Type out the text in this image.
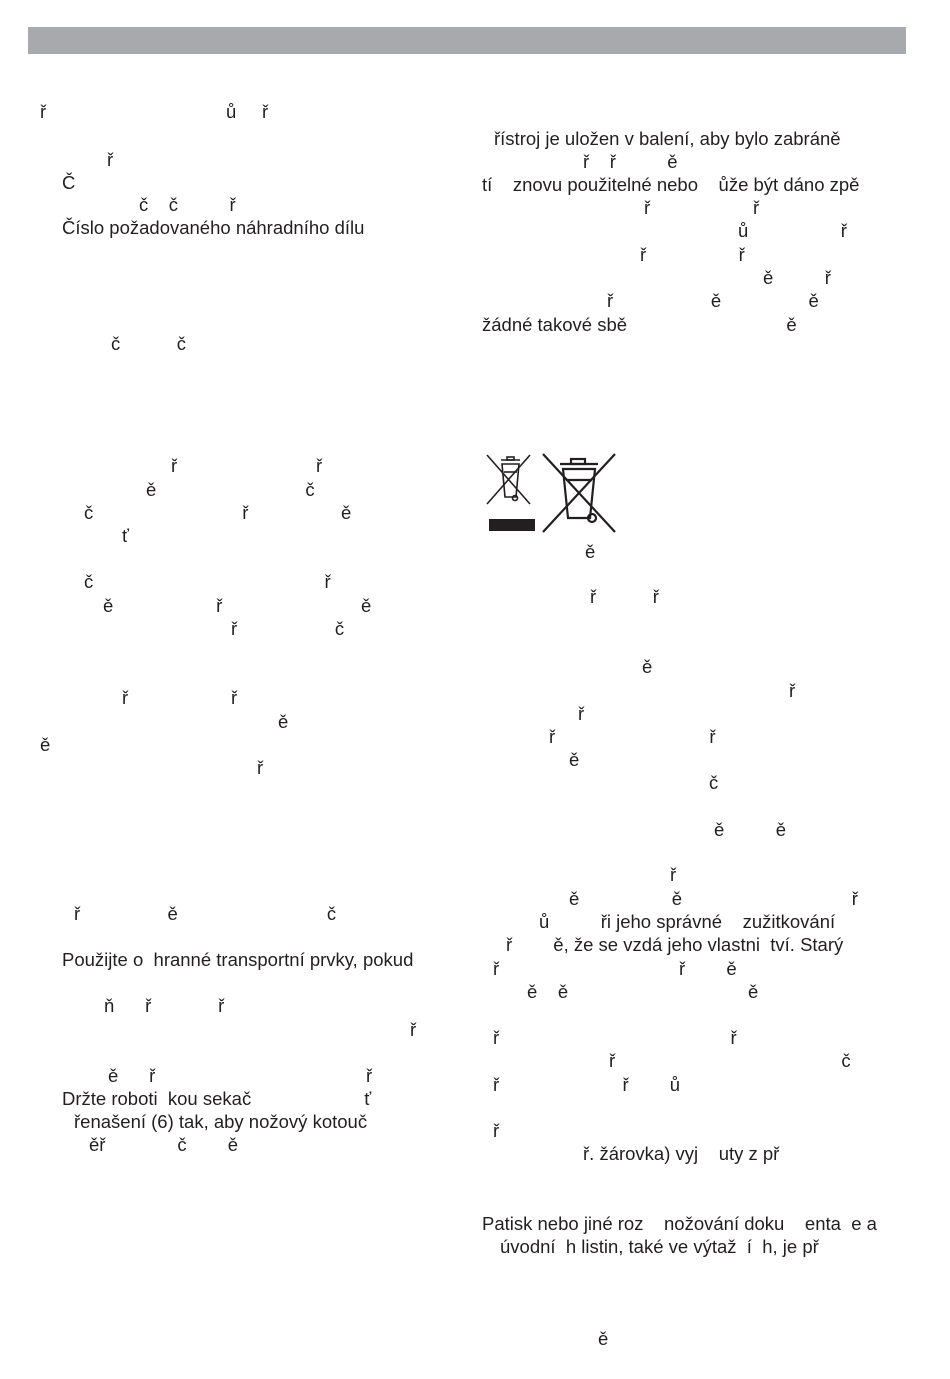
ř                                   ů     ř
ř
Č
č    č          ř
Číslo požadovaného náhradního dílu
č           č
ř                           ř
ě                             č
č                             ř                  ě
ť
č                                             ř
ě                    ř                           ě
ř                   č
ř                    ř
ě
ě
ř
ř                 ě                             č
Použijte o  hranné transportní prvky, pokud
ň      ř             ř
ř
ě      ř                                         ř
Držte roboti  kou sekač                      ť
řenašení (6) tak, aby nožový kotouč
ěř              č        ě
řístroj je uložen v balení, aby bylo zabráně
ř    ř          ě
tí    znovu použitelné nebo    ůže být dáno zpě
ř                    ř
ů                  ř
ř                  ř
ě          ř
ř                   ě                 ě
žádné takové sbě                               ě
ě
ř           ř
ě
ř
ř
ř                              ř
ě
č
ě          ě
ř
ě                  ě                                 ř
ů          ři jeho správné    zužitkování
ř        ě, že se vzdá jeho vlastni  tví. Starý
ř                                   ř        ě
ě    ě                                   ě
ř                                             ř
ř                                            č
ř                        ř        ů
ř
ř. žárovka) vyj    uty z př
Patisk nebo jiné roz    nožování doku    enta  e a
úvodní  h listin, také ve výtaž  í  h, je př
ě
